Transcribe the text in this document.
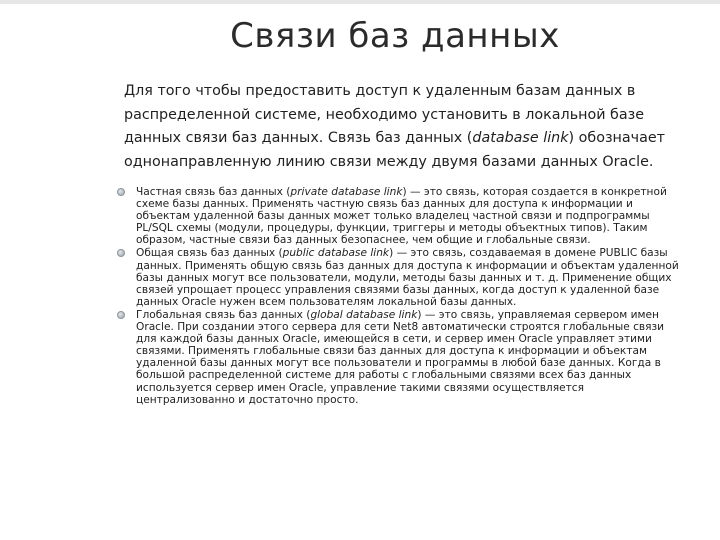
Связи баз данных
Для того чтобы предоставить доступ к удаленным базам данных в распределенной системе, необходимо установить в локальной базе данных связи баз данных. Связь баз данных (database link) обозначает однонаправленную линию связи между двумя базами данных Oracle.
Частная связь баз данных (private database link) — это связь, которая создается в конкретной схеме базы данных. Применять частную связь баз данных для доступа к информации и объектам удаленной базы данных может только владелец частной связи и подпрограммы PL/SQL схемы (модули, процедуры, функции, триггеры и методы объектных типов). Таким образом, частные связи баз данных безопаснее, чем общие и глобальные связи.
Общая связь баз данных (public database link) — это связь, создаваемая в домене PUBLIC базы данных. Применять общую связь баз данных для доступа к информации и объектам удаленной базы данных могут все пользователи, модули, методы базы данных и т. д. Применение общих связей упрощает процесс управления связями базы данных, когда доступ к удаленной базе данных Oracle нужен всем пользователям локальной базы данных.
Глобальная связь баз данных (global database link) — это связь, управляемая сервером имен Oracle. При создании этого сервера для сети Net8 автоматически строятся глобальные связи для каждой базы данных Oracle, имеющейся в сети, и сервер имен Oracle управляет этими связями. Применять глобальные связи баз данных для доступа к информации и объектам удаленной базы данных могут все пользователи и программы в любой базе данных. Когда в большой распределенной системе для работы с глобальными связями всех баз данных используется сервер имен Oracle, управление такими связями осуществляется централизованно и достаточно просто.
